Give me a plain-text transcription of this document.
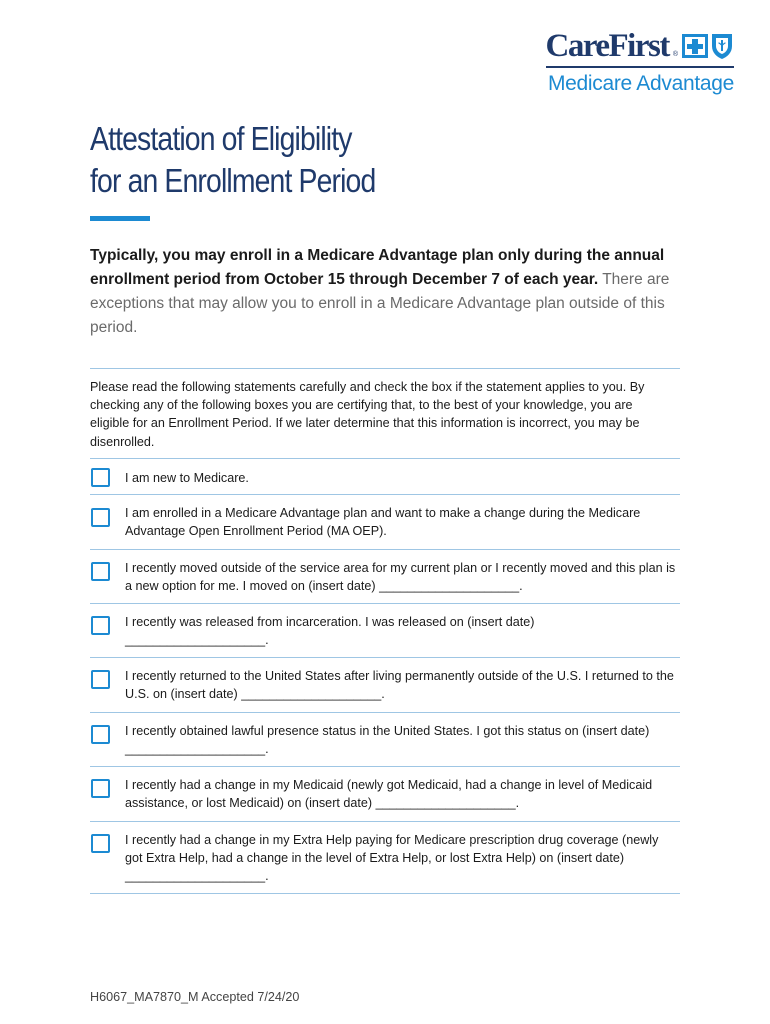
CareFirst ®
Medicare Advantage
Attestation of Eligibility
for an Enrollment Period

Typically, you may enroll in a Medicare Advantage plan only during the annual enrollment period from October 15 through December 7 of each year. There are exceptions that may allow you to enroll in a Medicare Advantage plan outside of this period.

Please read the following statements carefully and check the box if the statement applies to you. By checking any of the following boxes you are certifying that, to the best of your knowledge, you are eligible for an Enrollment Period. If we later determine that this information is incorrect, you may be disenrolled.

I am new to Medicare.

I am enrolled in a Medicare Advantage plan and want to make a change during the Medicare Advantage Open Enrollment Period (MA OEP).

I recently moved outside of the service area for my current plan or I recently moved and this plan is a new option for me. I moved on (insert date) ____________________.

I recently was released from incarceration. I was released on (insert date) ____________________.

I recently returned to the United States after living permanently outside of the U.S. I returned to the U.S. on (insert date) ____________________.

I recently obtained lawful presence status in the United States. I got this status on (insert date) ____________________.

I recently had a change in my Medicaid (newly got Medicaid, had a change in level of Medicaid assistance, or lost Medicaid) on (insert date) ____________________.

I recently had a change in my Extra Help paying for Medicare prescription drug coverage (newly got Extra Help, had a change in the level of Extra Help, or lost Extra Help) on (insert date) ____________________.

H6067_MA7870_M Accepted 7/24/20
